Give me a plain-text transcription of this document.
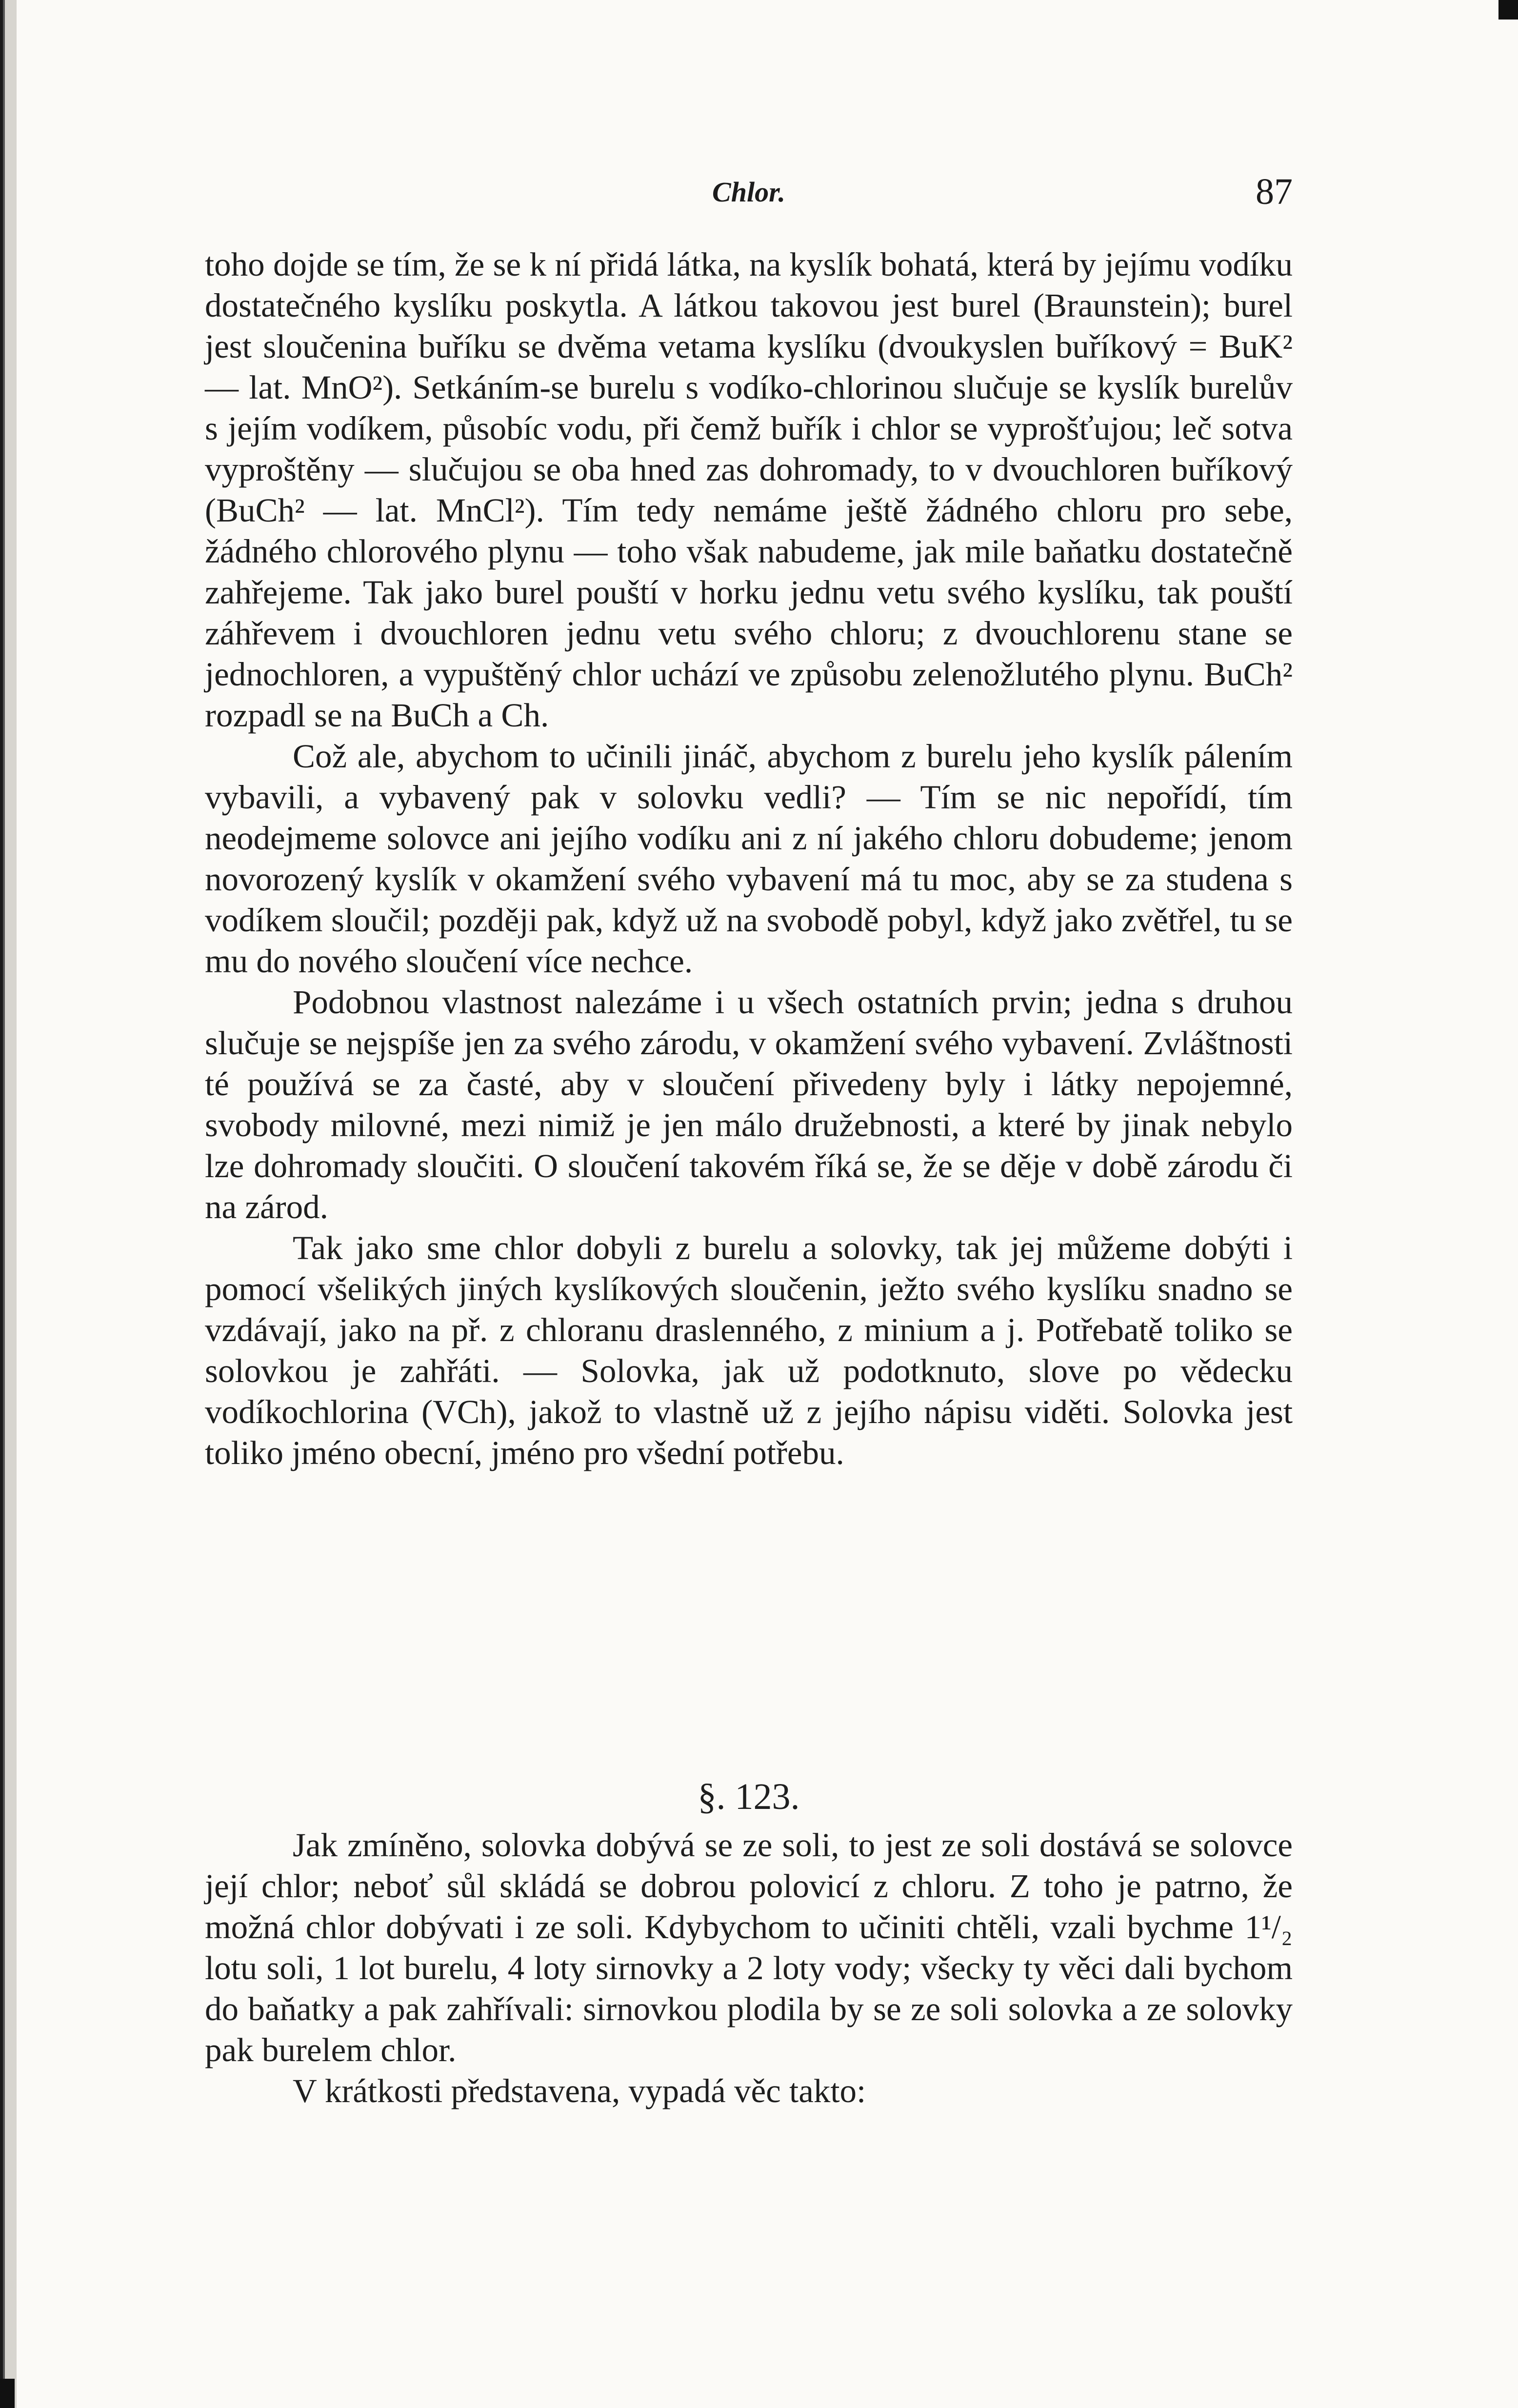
Chlor.	87

toho dojde se tím, že se k ní přidá látka, na kyslík bohatá, která by jejímu vodíku dostatečného kyslíku poskytla. A látkou takovou jest burel (Braunstein); burel jest sloučenina buříku se dvěma vetama kyslíku (dvoukyslen buříkový = BuK² — lat. MnO²). Setkáním-se burelu s vodíko-chlorinou slučuje se kyslík burelův s jejím vodíkem, působíc vodu, při čemž buřík i chlor se vyprošťujou; leč sotva vyproštěny — slučujou se oba hned zas dohromady, to v dvouchloren buříkový (BuCh² — lat. MnCl²). Tím tedy nemáme ještě žádného chloru pro sebe, žádného chlorového plynu — toho však nabudeme, jak mile baňatku dostatečně zahřejeme. Tak jako burel pouští v horku jednu vetu svého kyslíku, tak pouští záhřevem i dvouchloren jednu vetu svého chloru; z dvouchlorenu stane se jednochloren, a vypuštěný chlor uchází ve způsobu zelenožlutého plynu. BuCh² rozpadl se na BuCh a Ch.

Což ale, abychom to učinili jináč, abychom z burelu jeho kyslík pálením vybavili, a vybavený pak v solovku vedli? — Tím se nic nepořídí, tím neodejmeme solovce ani jejího vodíku ani z ní jakého chloru dobudeme; jenom novorozený kyslík v okamžení svého vybavení má tu moc, aby se za studena s vodíkem sloučil; později pak, když už na svobodě pobyl, když jako zvětřel, tu se mu do nového sloučení více nechce.

Podobnou vlastnost nalezáme i u všech ostatních prvin; jedna s druhou slučuje se nejspíše jen za svého zárodu, v okamžení svého vybavení. Zvláštnosti té používá se za časté, aby v sloučení přivedeny byly i látky nepojemné, svobody milovné, mezi nimiž je jen málo družebnosti, a které by jinak nebylo lze dohromady sloučiti. O sloučení takovém říká se, že se děje v době zárodu či na zárod.

Tak jako sme chlor dobyli z burelu a solovky, tak jej můžeme dobýti i pomocí všelikých jiných kyslíkových sloučenin, ježto svého kyslíku snadno se vzdávají, jako na př. z chloranu draslenného, z minium a j. Potřebatě toliko se solovkou je zahřáti. — Solovka, jak už podotknuto, slove po vědecku vodíkochlorina (VCh), jakož to vlastně už z jejího nápisu viděti. Solovka jest toliko jméno obecní, jméno pro všední potřebu.

§. 123.

Jak zmíněno, solovka dobývá se ze soli, to jest ze soli dostává se solovce její chlor; neboť sůl skládá se dobrou polovicí z chloru. Z toho je patrno, že možná chlor dobývati i ze soli. Kdybychom to učiniti chtěli, vzali bychme 1¹/₂ lotu soli, 1 lot burelu, 4 loty sirnovky a 2 loty vody; všecky ty věci dali bychom do baňatky a pak zahřívali: sirnovkou plodila by se ze soli solovka a ze solovky pak burelem chlor.

V krátkosti představena, vypadá věc takto:
